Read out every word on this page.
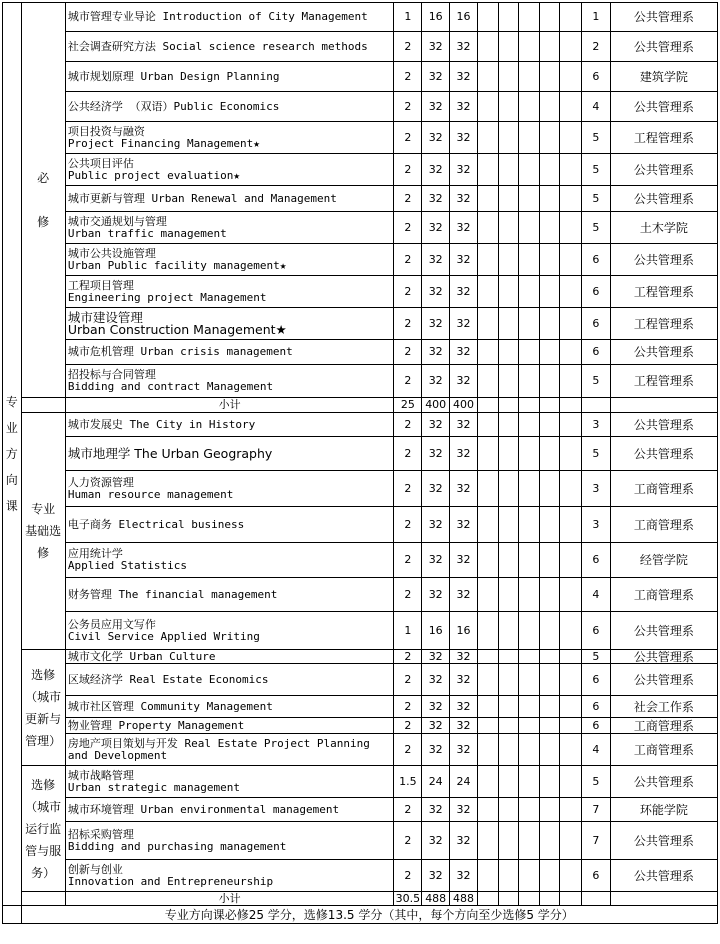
专
业
方
向
课	必

修	城市管理专业导论 Introduction of City Management	1	16	16						1	公共管理系
		社会调查研究方法 Social science research methods	2	32	32						2	公共管理系
		城市规划原理 Urban Design Planning	2	32	32						6	建筑学院
		公共经济学 （双语）Public Economics	2	32	32						4	公共管理系
		项目投资与融资
Project Financing Management★	2	32	32						5	工程管理系
		公共项目评估
Public project evaluation★	2	32	32						5	公共管理系
		城市更新与管理 Urban Renewal and Management	2	32	32						5	公共管理系
		城市交通规划与管理
Urban traffic management	2	32	32						5	土木学院
		城市公共设施管理
Urban Public facility management★	2	32	32						6	公共管理系
		工程项目管理
Engineering project Management	2	32	32						6	工程管理系
		城市建设管理
Urban Construction Management★	2	32	32						6	工程管理系
		城市危机管理 Urban crisis management	2	32	32						6	公共管理系
		招投标与合同管理
Bidding and contract Management	2	32	32						5	工程管理系
		小计	25	400	400							
	专业
基础选
修	城市发展史 The City in History	2	32	32						3	公共管理系
		城市地理学 The Urban Geography	2	32	32						5	公共管理系
		人力资源管理
Human resource management	2	32	32						3	工商管理系
		电子商务 Electrical business	2	32	32						3	工商管理系
		应用统计学
Applied Statistics	2	32	32						6	经管学院
		财务管理 The financial management	2	32	32						4	工商管理系
		公务员应用文写作
Civil Service Applied Writing	1	16	16						6	公共管理系
	选修
（城市
更新与
管理）	城市文化学 Urban Culture	2	32	32						5	公共管理系
		区域经济学 Real Estate Economics	2	32	32						6	公共管理系
		城市社区管理 Community Management	2	32	32						6	社会工作系
		物业管理 Property Management	2	32	32						6	工商管理系
		房地产项目策划与开发 Real Estate Project Planning
and Development	2	32	32						4	工商管理系
	选修
（城市
运行监
管与服
务）	城市战略管理
Urban strategic management	1.5	24	24						5	公共管理系
		城市环境管理 Urban environmental management	2	32	32						7	环能学院
		招标采购管理
Bidding and purchasing management	2	32	32						7	公共管理系
		创新与创业
Innovation and Entrepreneurship	2	32	32						6	公共管理系
		小计	30.5	488	488							
	专业方向课必修25 学分，选修13.5 学分（其中，每个方向至少选修5 学分）											
